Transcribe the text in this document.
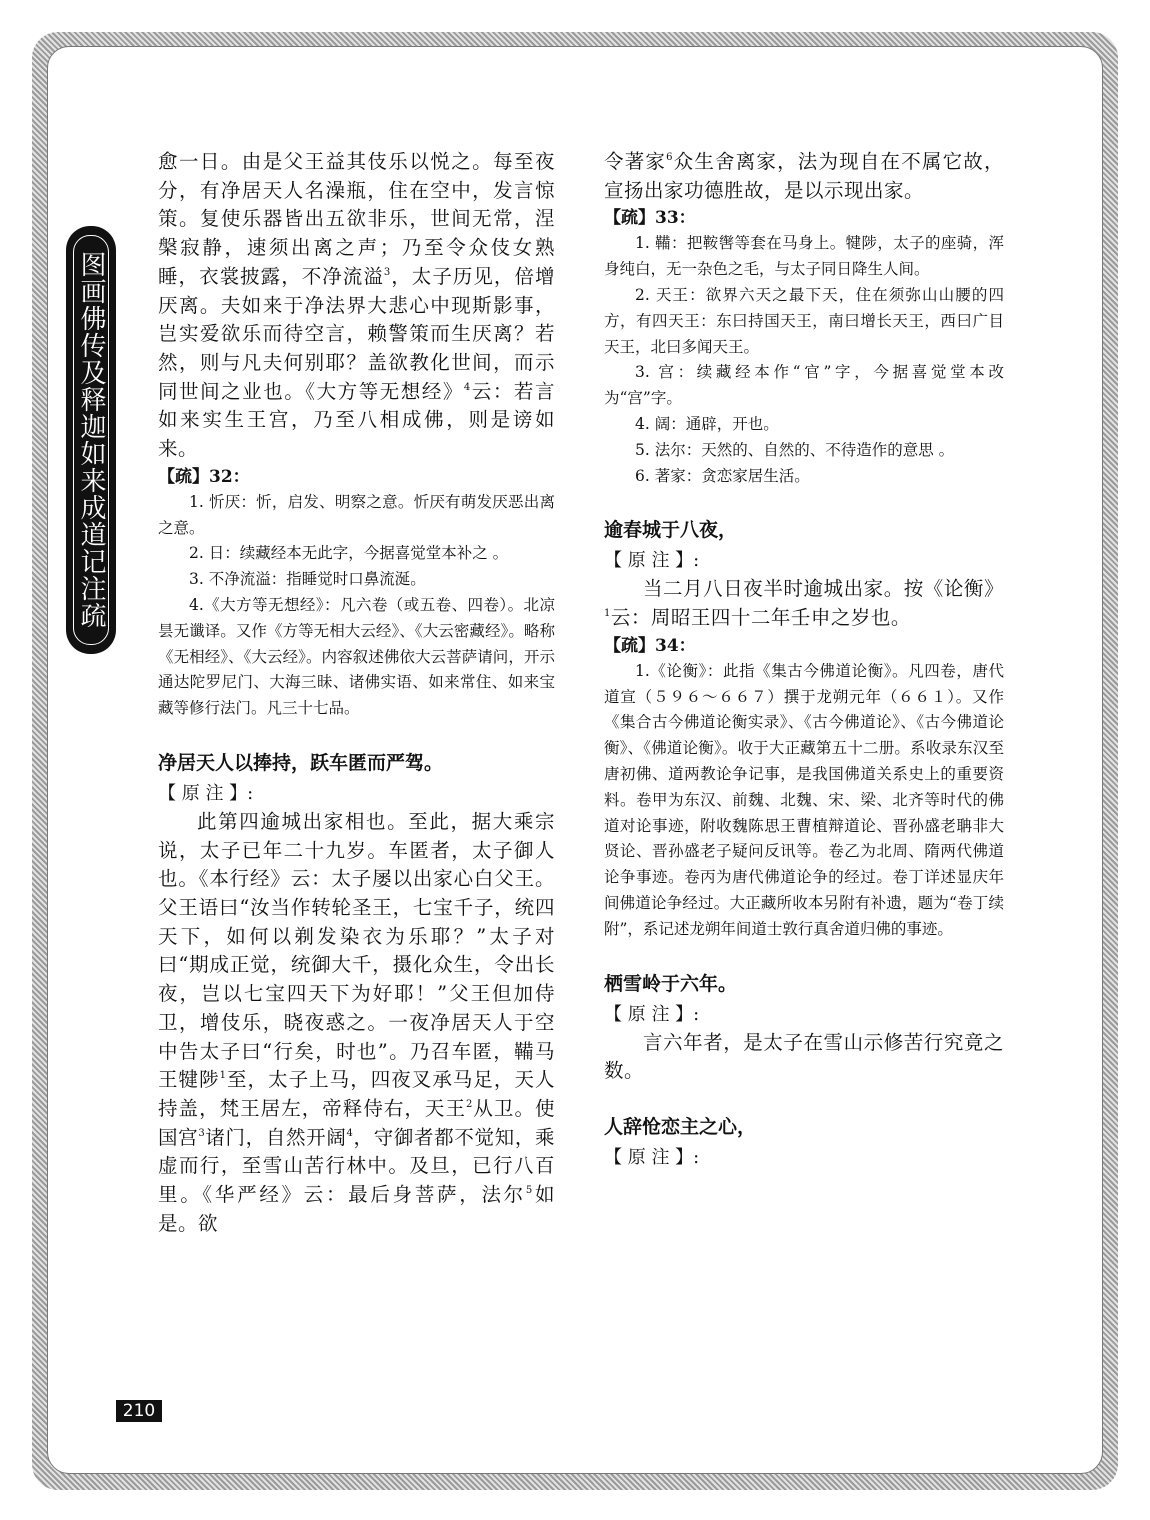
图画佛传及释迦如来成道记注疏

愈一日。由是父王益其伎乐以悦之。每至夜分，有净居天人名澡瓶，住在空中，发言惊策。复使乐器皆出五欲非乐，世间无常，涅槃寂静，速须出离之声；乃至令众伎女熟睡，衣裳披露，不净流溢$^3$，太子历见，倍增厌离。夫如来于净法界大悲心中现斯影事，岂实爱欲乐而待空言，赖警策而生厌离？若然，则与凡夫何别耶？盖欲教化世间，而示同世间之业也。《大方等无想经》$^4$云：若言如来实生王宫，乃至八相成佛，则是谤如来。

【疏】32：

1. 忻厌：忻，启发、明察之意。忻厌有萌发厌恶出离之意。

2. 日：续藏经本无此字，今据喜觉堂本补之 。

3. 不净流溢：指睡觉时口鼻流涎。

4.《大方等无想经》：凡六卷（或五卷、四卷）。北凉昙无谶译。又作《方等无相大云经》、《大云密藏经》。略称《无相经》、《大云经》。内容叙述佛依大云菩萨请问，开示通达陀罗尼门、大海三昧、诸佛实语、如来常住、如来宝藏等修行法门。凡三十七品。

净居天人以捧持，跃车匿而严驾。

【 原 注 】:

此第四逾城出家相也。至此，据大乘宗说，太子已年二十九岁。车匿者，太子御人也。《本行经》云：太子屡以出家心白父王。父王语曰“汝当作转轮圣王，七宝千子，统四天下，如何以剃发染衣为乐耶？”太子对曰“期成正觉，统御大千，摄化众生，令出长夜，岂以七宝四天下为好耶！”父王但加侍卫，增伎乐，晓夜惑之。一夜净居天人于空中告太子曰“行矣，时也”。乃召车匿，鞴马王犍陟$^1$至，太子上马，四夜叉承马足，天人持盖，梵王居左，帝释侍右，天王$^2$从卫。使国宫$^3$诸门，自然开阔$^4$，守御者都不觉知，乘虚而行，至雪山苦行林中。及旦，已行八百里。《华严经》云：最后身菩萨，法尔$^5$如是。欲

令著家$^6$众生舍离家，法为现自在不属它故，宣扬出家功德胜故，是以示现出家。

【疏】33：

1. 鞴：把鞍辔等套在马身上。犍陟，太子的座骑，浑身纯白，无一杂色之毛，与太子同日降生人间。

2. 天王：欲界六天之最下天，住在须弥山山腰的四方，有四天王：东曰持国天王，南曰增长天王，西曰广目天王，北曰多闻天王。

3. 宫：续藏经本作“官”字，今据喜觉堂本改为“宫”字。

4. 阔：通辟，开也。

5. 法尔：天然的、自然的、不待造作的意思 。

6. 著家：贪恋家居生活。

逾春城于八夜，

【 原 注 】:

当二月八日夜半时逾城出家。按《论衡》$^1$云：周昭王四十二年壬申之岁也。

【疏】34：

1.《论衡》：此指《集古今佛道论衡》。凡四卷，唐代道宣（５９６～６６７）撰于龙朔元年（６６１）。又作《集合古今佛道论衡实录》、《古今佛道论》、《古今佛道论衡》、《佛道论衡》。收于大正藏第五十二册。系收录东汉至唐初佛、道两教论争记事，是我国佛道关系史上的重要资料。卷甲为东汉、前魏、北魏、宋、梁、北齐等时代的佛道对论事迹，附收魏陈思王曹植辩道论、晋孙盛老聃非大贤论、晋孙盛老子疑问反讯等。卷乙为北周、隋两代佛道论争事迹。卷丙为唐代佛道论争的经过。卷丁详述显庆年间佛道论争经过。大正藏所收本另附有补遗，题为“卷丁续附”，系记述龙朔年间道士敦行真舍道归佛的事迹。

栖雪岭于六年。

【 原 注 】:

言六年者，是太子在雪山示修苦行究竟之数。

人辞怆恋主之心，

【 原 注 】:

210
